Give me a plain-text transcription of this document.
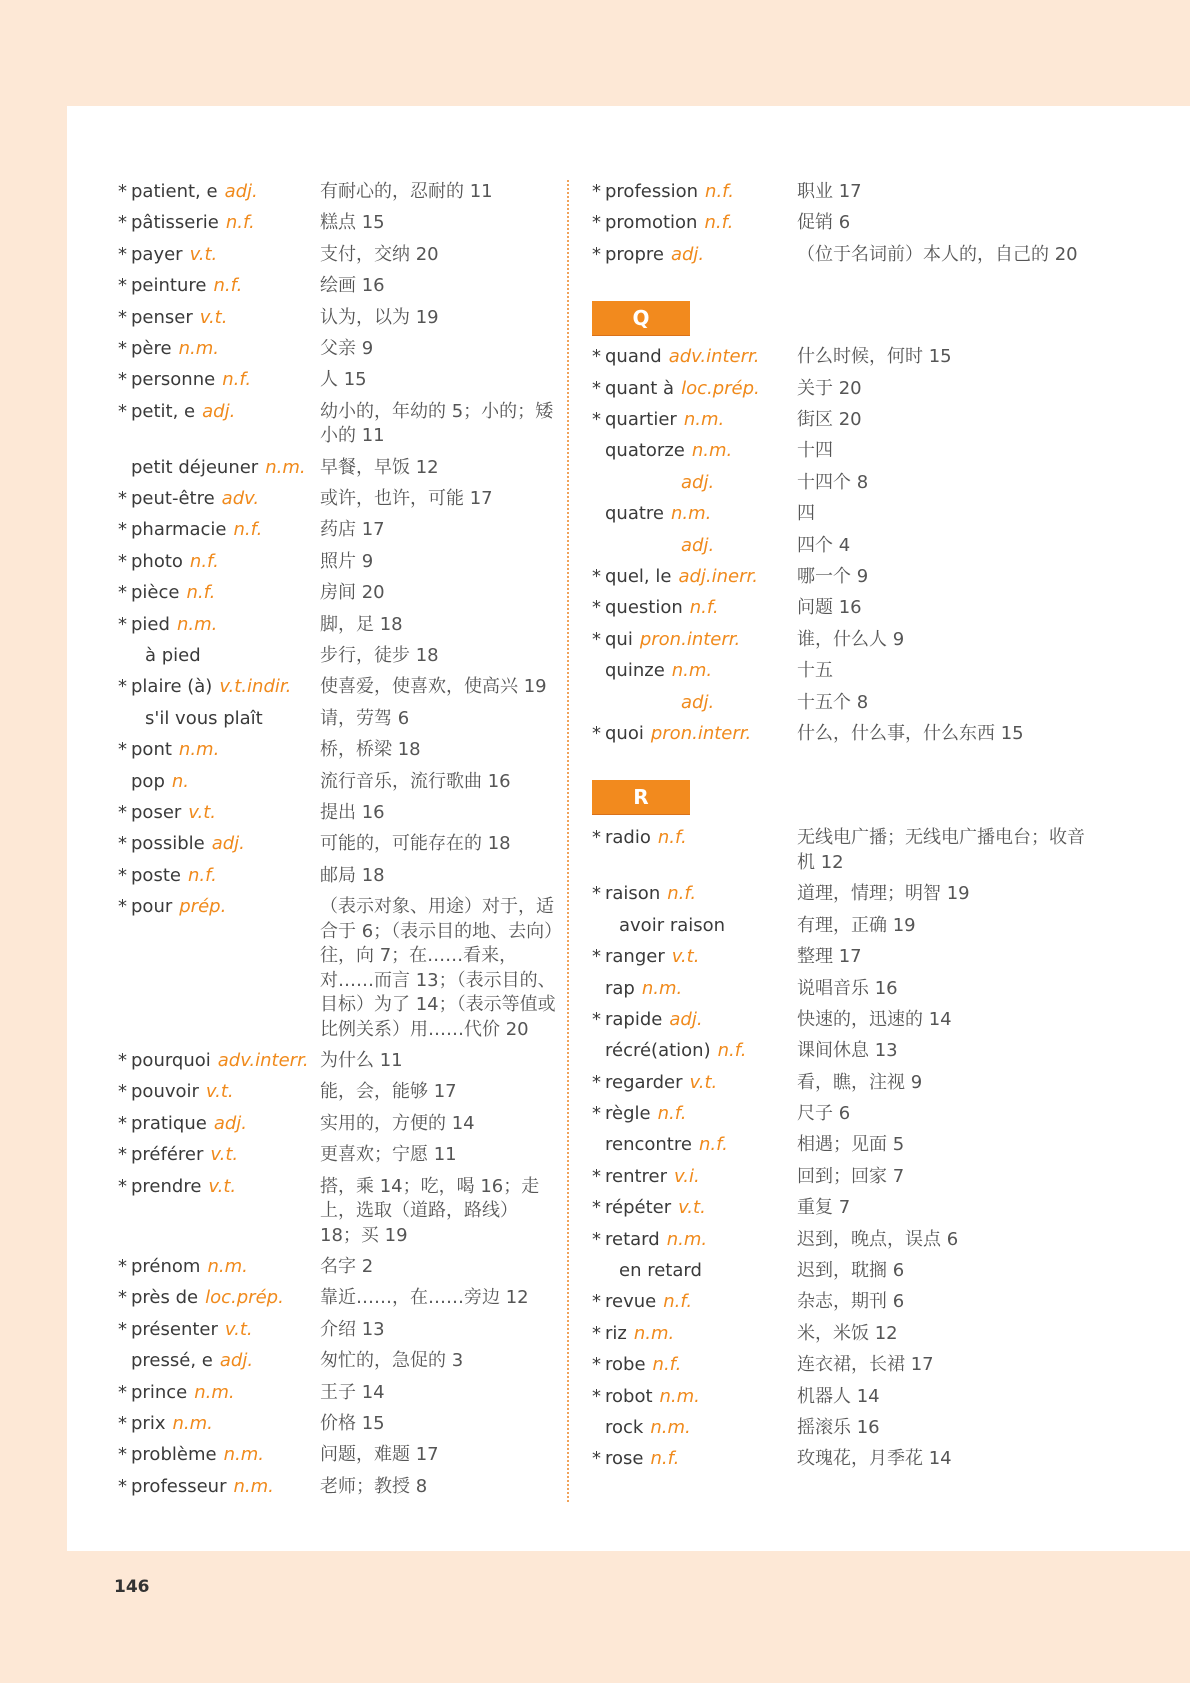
* patient, e adj.	有耐心的，忍耐的 11
* pâtisserie n.f.	糕点 15
* payer v.t.	支付，交纳 20
* peinture n.f.	绘画 16
* penser v.t.	认为，以为 19
* père n.m.	父亲 9
* personne n.f.	人 15
* petit, e adj.	幼小的，年幼的 5；小的；矮小的 11
petit déjeuner n.m. 早餐，早饭 12
* peut-être adv.	或许，也许，可能 17
* pharmacie n.f.	药店 17
* photo n.f.	照片 9
* pièce n.f.	房间 20
* pied n.m.	脚，足 18
à pied	步行，徒步 18
* plaire (à) v.t.indir.	使喜爱，使喜欢，使高兴 19
s'il vous plaît	请，劳驾 6
* pont n.m.	桥，桥梁 18
pop n.	流行音乐，流行歌曲 16
* poser v.t.	提出 16
* possible adj.	可能的，可能存在的 18
* poste n.f.	邮局 18
* pour prép.	（表示对象、用途）对于，适合于 6；（表示目的地、去向）往，向 7；在……看来，对……而言 13；（表示目的、目标）为了 14；（表示等值或比例关系）用……代价 20
* pourquoi adv.interr. 为什么 11
* pouvoir v.t.	能，会，能够 17
* pratique adj.	实用的，方便的 14
* préférer v.t.	更喜欢；宁愿 11
* prendre v.t.	搭，乘 14；吃，喝 16；走上，选取（道路，路线）18；买 19
* prénom n.m.	名字 2
* près de loc.prép.	靠近……，在……旁边 12
* présenter v.t.	介绍 13
pressé, e adj.	匆忙的，急促的 3
* prince n.m.	王子 14
* prix n.m.	价格 15
* problème n.m.	问题，难题 17
* professeur n.m.	老师；教授 8
* profession n.f.	职业 17
* promotion n.f.	促销 6
* propre adj.	（位于名词前）本人的，自己的 20
Q
* quand adv.interr.	什么时候，何时 15
* quant à loc.prép.	关于 20
* quartier n.m.	街区 20
quatorze n.m.	十四
adj.	十四个 8
quatre n.m.	四
adj.	四个 4
* quel, le adj.inerr.	哪一个 9
* question n.f.	问题 16
* qui pron.interr.	谁，什么人 9
quinze n.m.	十五
adj.	十五个 8
* quoi pron.interr.	什么，什么事，什么东西 15
R
* radio n.f.	无线电广播；无线电广播电台；收音机 12
* raison n.f.	道理，情理；明智 19
avoir raison	有理，正确 19
* ranger v.t.	整理 17
rap n.m.	说唱音乐 16
* rapide adj.	快速的，迅速的 14
récré(ation) n.f.	课间休息 13
* regarder v.t.	看，瞧，注视 9
* règle n.f.	尺子 6
rencontre n.f.	相遇；见面 5
* rentrer v.i.	回到；回家 7
* répéter v.t.	重复 7
* retard n.m.	迟到，晚点，误点 6
en retard	迟到，耽搁 6
* revue n.f.	杂志，期刊 6
* riz n.m.	米，米饭 12
* robe n.f.	连衣裙，长裙 17
* robot n.m.	机器人 14
rock n.m.	摇滚乐 16
* rose n.f.	玫瑰花，月季花 14
146
